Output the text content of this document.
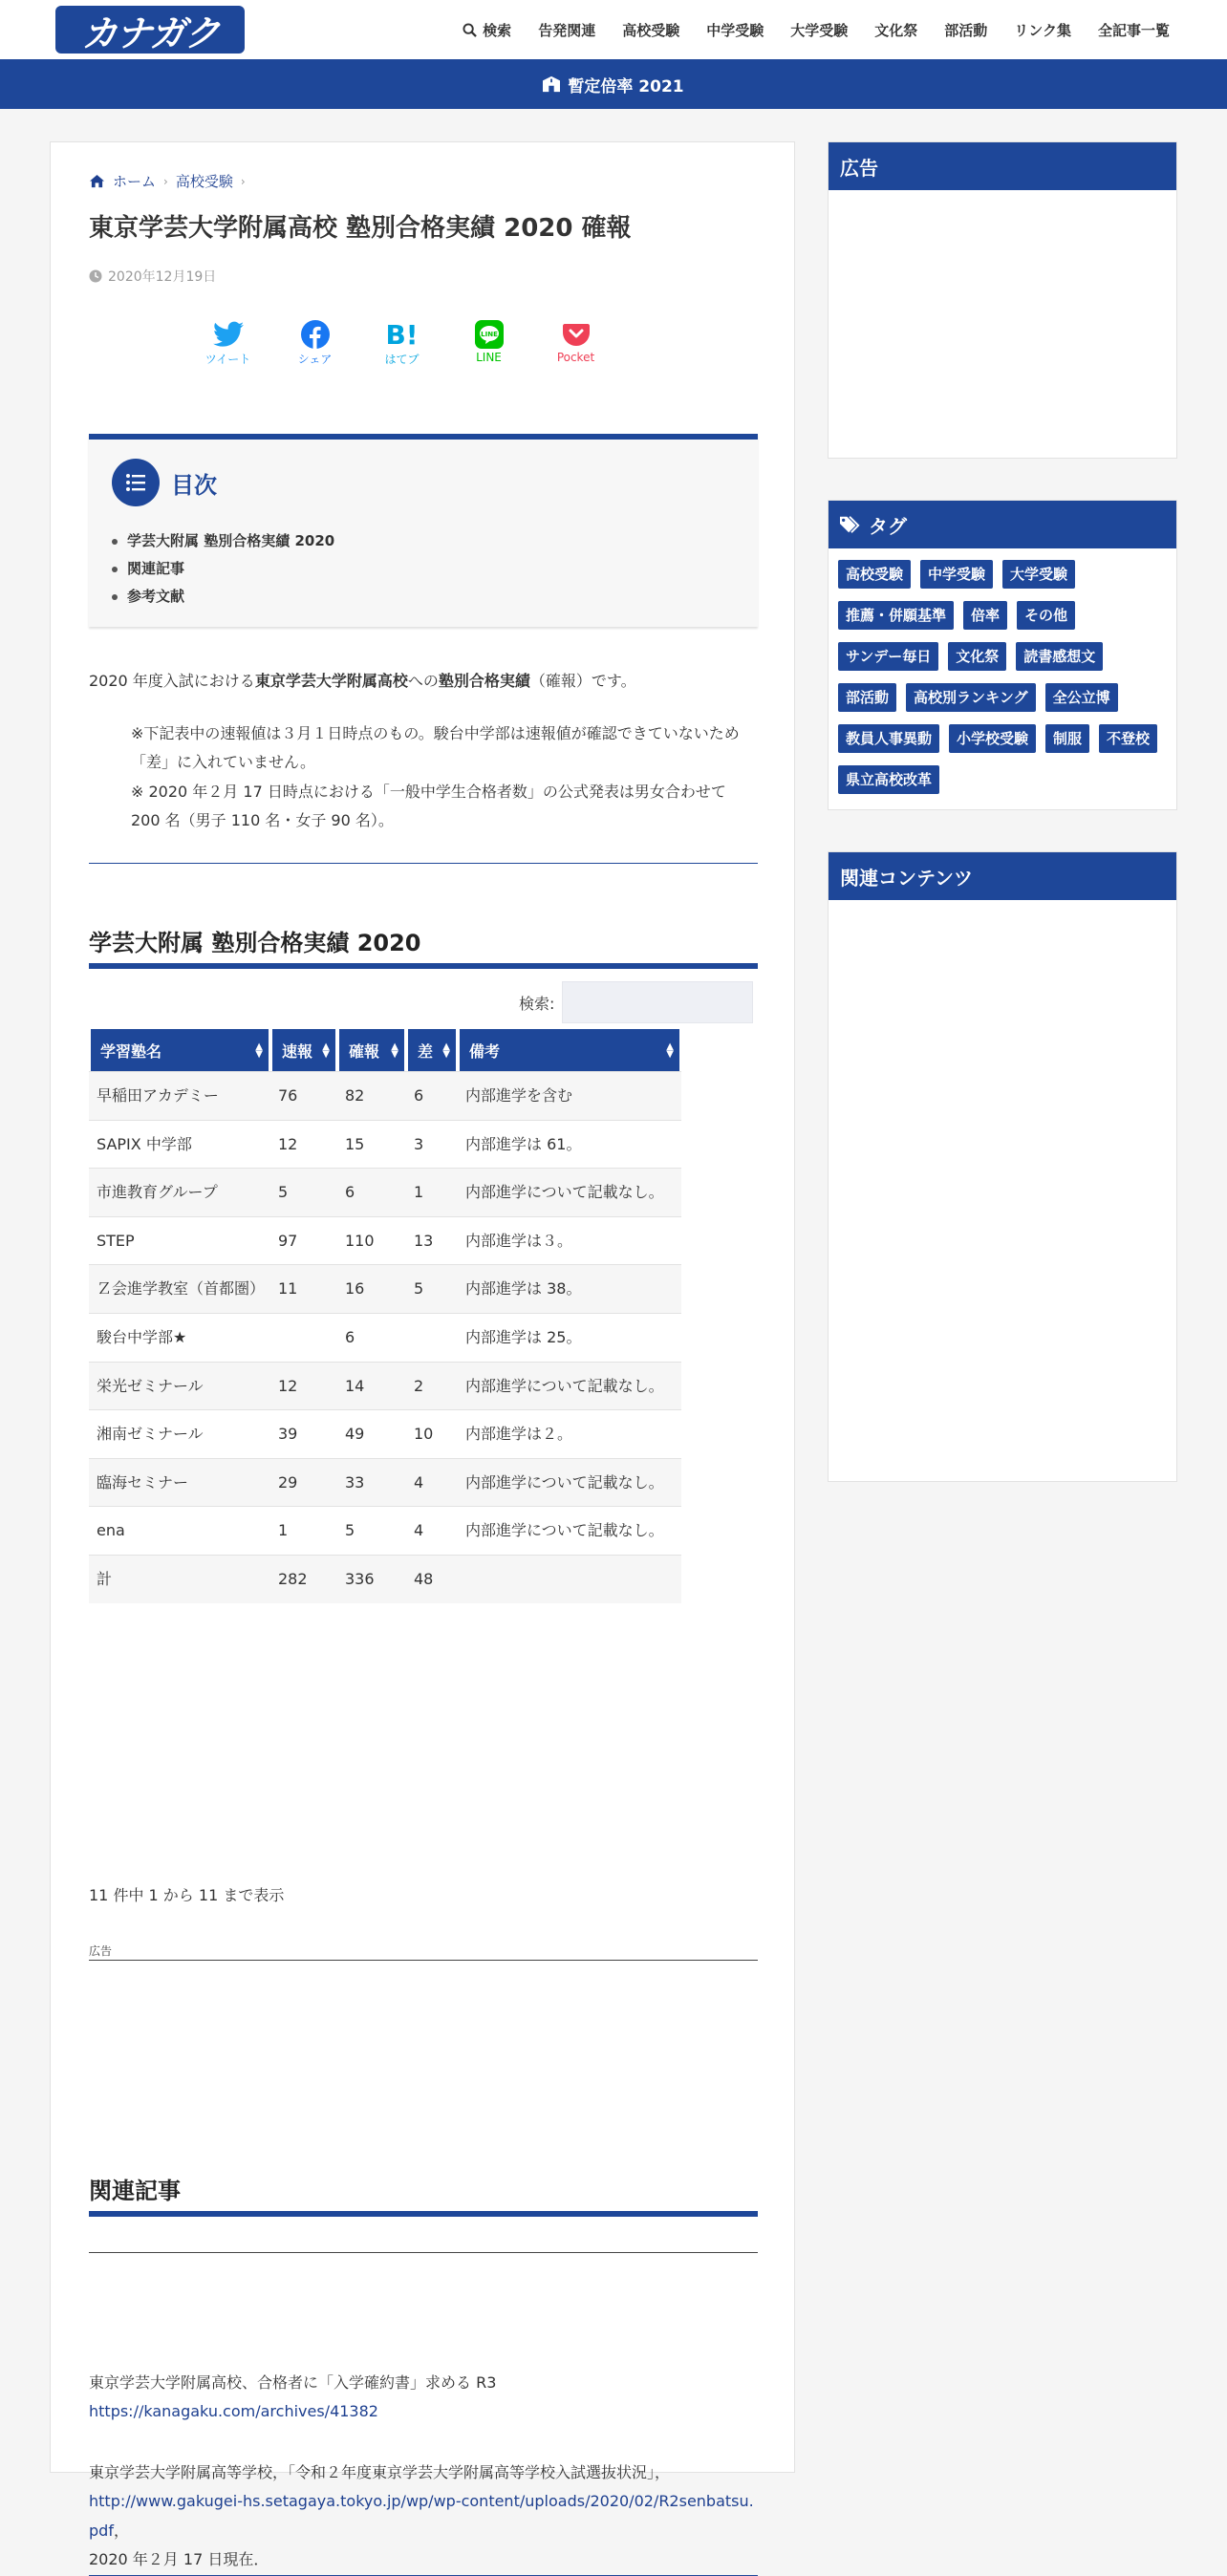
カナガク	検索	告発関連	高校受験	中学受験	大学受験	文化祭	部活動	リンク集	全記事一覧
暫定倍率 2021
ホーム › 高校受験 ›
東京学芸大学附属高校 塾別合格実績 2020 確報
2020年12月19日
ツイート	シェア
B!
はてブ
LINE
LINE	Pocket
目次
学芸大附属 塾別合格実績 2020
関連記事
参考文献

2020 年度入試における東京学芸大学附属高校への塾別合格実績（確報）です。

※下記表中の速報値は３月１日時点のもの。駿台中学部は速報値が確認できていないため「差」に入れていません。

※ 2020 年２月 17 日時点における「一般中学生合格者数」の公式発表は男女合わせて 200 名（男子 110 名・女子 90 名）。

学芸大附属 塾別合格実績 2020
検索:
学習塾名 ▲
▼	速報 ▲
▼	確報 ▲
▼	差 ▲
▼	備考 ▲
▼

早稲田アカデミー	76	82	6	内部進学を含む
SAPIX 中学部	12	15	3	内部進学は 61。
市進教育グループ	5	6	1	内部進学について記載なし。
STEP	97	110	13	内部進学は３。
Ｚ会進学教室（首都圏）	11	16	5	内部進学は 38。
駿台中学部★		6		内部進学は 25。
栄光ゼミナール	12	14	2	内部進学について記載なし。
湘南ゼミナール	39	49	10	内部進学は２。
臨海セミナー	29	33	4	内部進学について記載なし。
ena	1	5	4	内部進学について記載なし。
計	282	336	48	
11 件中 1 から 11 まで表示
広告
関連記事

東京学芸大学附属高校、合格者に「入学確約書」求める R3

https://kanagaku.com/archives/41382

東京学芸大学附属高等学校，「令和２年度東京学芸大学附属高等学校入試選抜状況」，
http://www.gakugei-hs.setagaya.tokyo.jp/wp/wp-content/uploads/2020/02/R2senbatsu.pdf，
2020 年２月 17 日現在．
広告
タグ
高校受験	中学受験	大学受験
推薦・併願基準	倍率	その他
サンデー毎日	文化祭	読書感想文
部活動	高校別ランキング	全公立博
教員人事異動	小学校受験	制服	不登校
県立高校改革
関連コンテンツ
